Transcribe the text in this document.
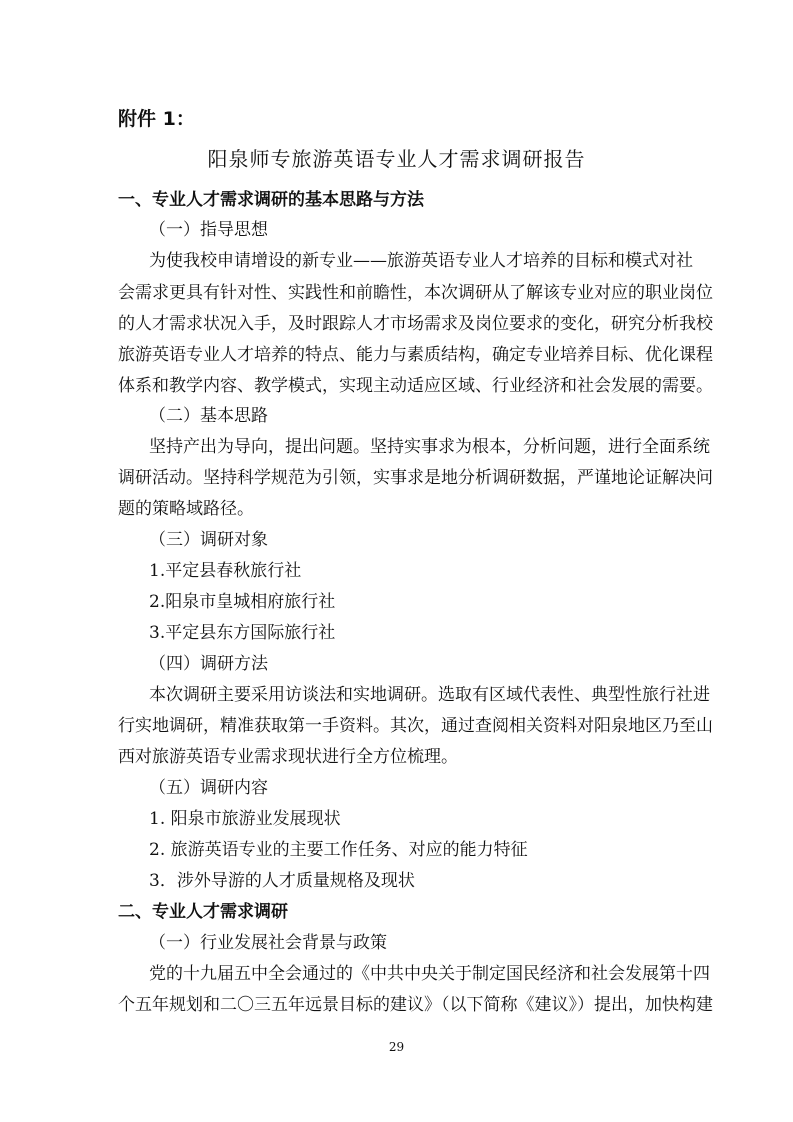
附件 1：
阳泉师专旅游英语专业人才需求调研报告
一、专业人才需求调研的基本思路与方法
（一）指导思想
为使我校申请增设的新专业——旅游英语专业人才培养的目标和模式对社
会需求更具有针对性、实践性和前瞻性，本次调研从了解该专业对应的职业岗位
的人才需求状况入手，及时跟踪人才市场需求及岗位要求的变化，研究分析我校
旅游英语专业人才培养的特点、能力与素质结构，确定专业培养目标、优化课程
体系和教学内容、教学模式，实现主动适应区域、行业经济和社会发展的需要。
（二）基本思路
坚持产出为导向，提出问题。坚持实事求为根本，分析问题，进行全面系统
调研活动。坚持科学规范为引领，实事求是地分析调研数据，严谨地论证解决问
题的策略域路径。
（三）调研对象
1.平定县春秋旅行社
2.阳泉市皇城相府旅行社
3.平定县东方国际旅行社
（四）调研方法
本次调研主要采用访谈法和实地调研。选取有区域代表性、典型性旅行社进
行实地调研，精准获取第一手资料。其次，通过查阅相关资料对阳泉地区乃至山
西对旅游英语专业需求现状进行全方位梳理。
（五）调研内容
1. 阳泉市旅游业发展现状
2. 旅游英语专业的主要工作任务、对应的能力特征
3．涉外导游的人才质量规格及现状
二、专业人才需求调研
（一）行业发展社会背景与政策
党的十九届五中全会通过的《中共中央关于制定国民经济和社会发展第十四
个五年规划和二〇三五年远景目标的建议》（以下简称《建议》）提出，加快构建
29
